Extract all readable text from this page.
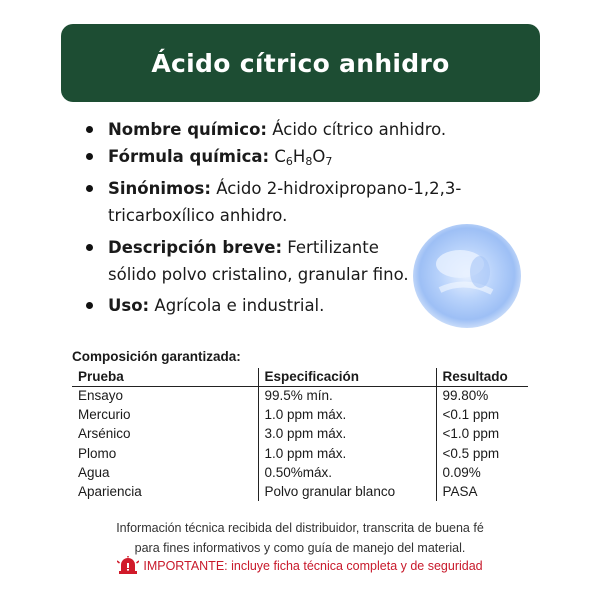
Ácido cítrico anhidro
Nombre químico: Ácido cítrico anhidro.
Fórmula química: $C_6H_8O_7$
Sinónimos: Ácido 2-hidroxipropano-1,2,3-tricarboxílico anhidro.
Descripción breve: Fertilizante sólido polvo cristalino, granular fino.
Uso: Agrícola e industrial.
Composición garantizada:
Prueba	Especificación	Resultado
Ensayo	99.5% mín.	99.80%
Mercurio	1.0 ppm máx.	<0.1 ppm
Arsénico	3.0 ppm máx.	<1.0 ppm
Plomo	1.0 ppm máx.	<0.5 ppm
Agua	0.50%máx.	0.09%
Apariencia	Polvo granular blanco	PASA
Información técnica recibida del distribuidor, transcrita de buena fé
para fines informativos y como guía de manejo del material.
IMPORTANTE: incluye ficha técnica completa y de seguridad
